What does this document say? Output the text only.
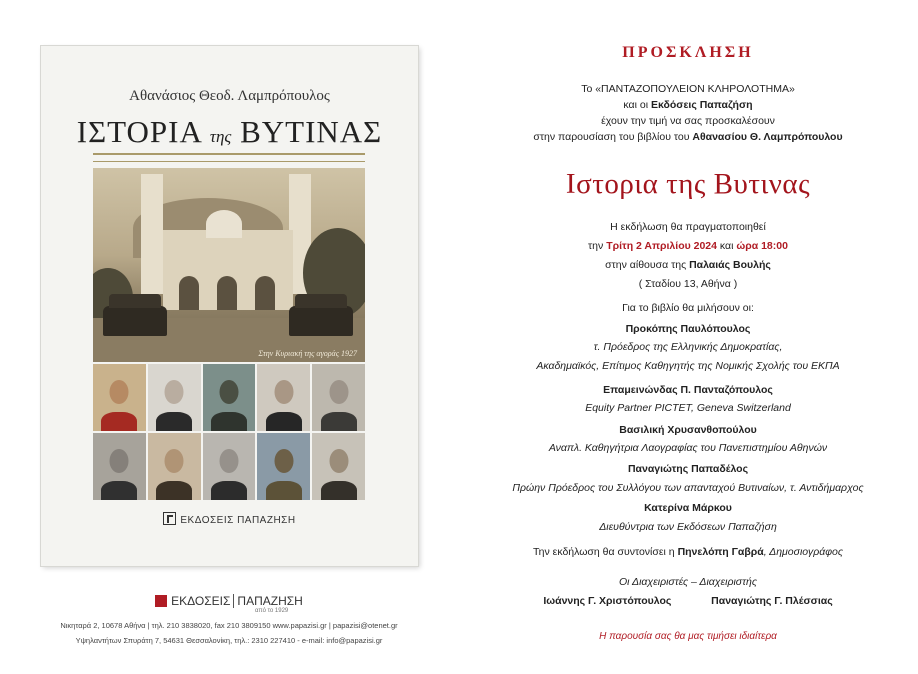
Αθανάσιος Θεοδ. Λαμπρόπουλος
ΙΣΤΟΡΙΑ της ΒΥΤΙΝΑΣ
Στην Κυριακή της αγοράς 1927
ΕΚΔΟΣΕΙΣ ΠΑΠΑΖΗΣΗ
ΕΚΔΟΣΕΙΣ ΠΑΠΑΖΗΣΗ
από το 1929
Νικηταρά 2, 10678 Αθήνα | τηλ. 210 3838020, fax 210 3809150 www.papazisi.gr | papazisi@otenet.gr
Υψηλαντήτων Σπυράτη 7, 54631 Θεσσαλονίκη, τηλ.: 2310 227410 - e-mail: info@papazisi.gr
ΠΡΟΣΚΛΗΣΗ
Το «ΠΑΝΤΑΖΟΠΟΥΛΕΙΟΝ ΚΛΗΡΟΛΟΤΗΜΑ»
και οι Εκδόσεις Παπαζήση
έχουν την τιμή να σας προσκαλέσουν
στην παρουσίαση του βιβλίου του Αθανασίου Θ. Λαμπρόπουλου
Ιστορια της Βυτινας
Η εκδήλωση θα πραγματοποιηθεί
την Τρίτη 2 Απριλίου 2024 και ώρα 18:00
στην αίθουσα της Παλαιάς Βουλής
( Σταδίου 13, Αθήνα )
Για το βιβλίο θα μιλήσουν οι:
Προκόπης Παυλόπουλος
τ. Πρόεδρος της Ελληνικής Δημοκρατίας,
Ακαδημαϊκός, Επίτιμος Καθηγητής της Νομικής Σχολής του ΕΚΠΑ
Επαμεινώνδας Π. Πανταζόπουλος
Equity Partner PICTET, Geneva Switzerland
Βασιλική Χρυσανθοπούλου
Αναπλ. Καθηγήτρια Λαογραφίας του Πανεπιστημίου Αθηνών
Παναγιώτης Παπαδέλος
Πρώην Πρόεδρος του Συλλόγου των απανταχού Βυτιναίων, τ. Αντιδήμαρχος
Κατερίνα Μάρκου
Διευθύντρια των Εκδόσεων Παπαζήση
Την εκδήλωση θα συντονίσει η Πηνελόπη Γαβρά, Δημοσιογράφος
Οι Διαχειριστές – Διαχειριστής
Ιωάννης Γ. Χριστόπουλος	Παναγιώτης Γ. Πλέσσιας
Η παρουσία σας θα μας τιμήσει ιδιαίτερα
